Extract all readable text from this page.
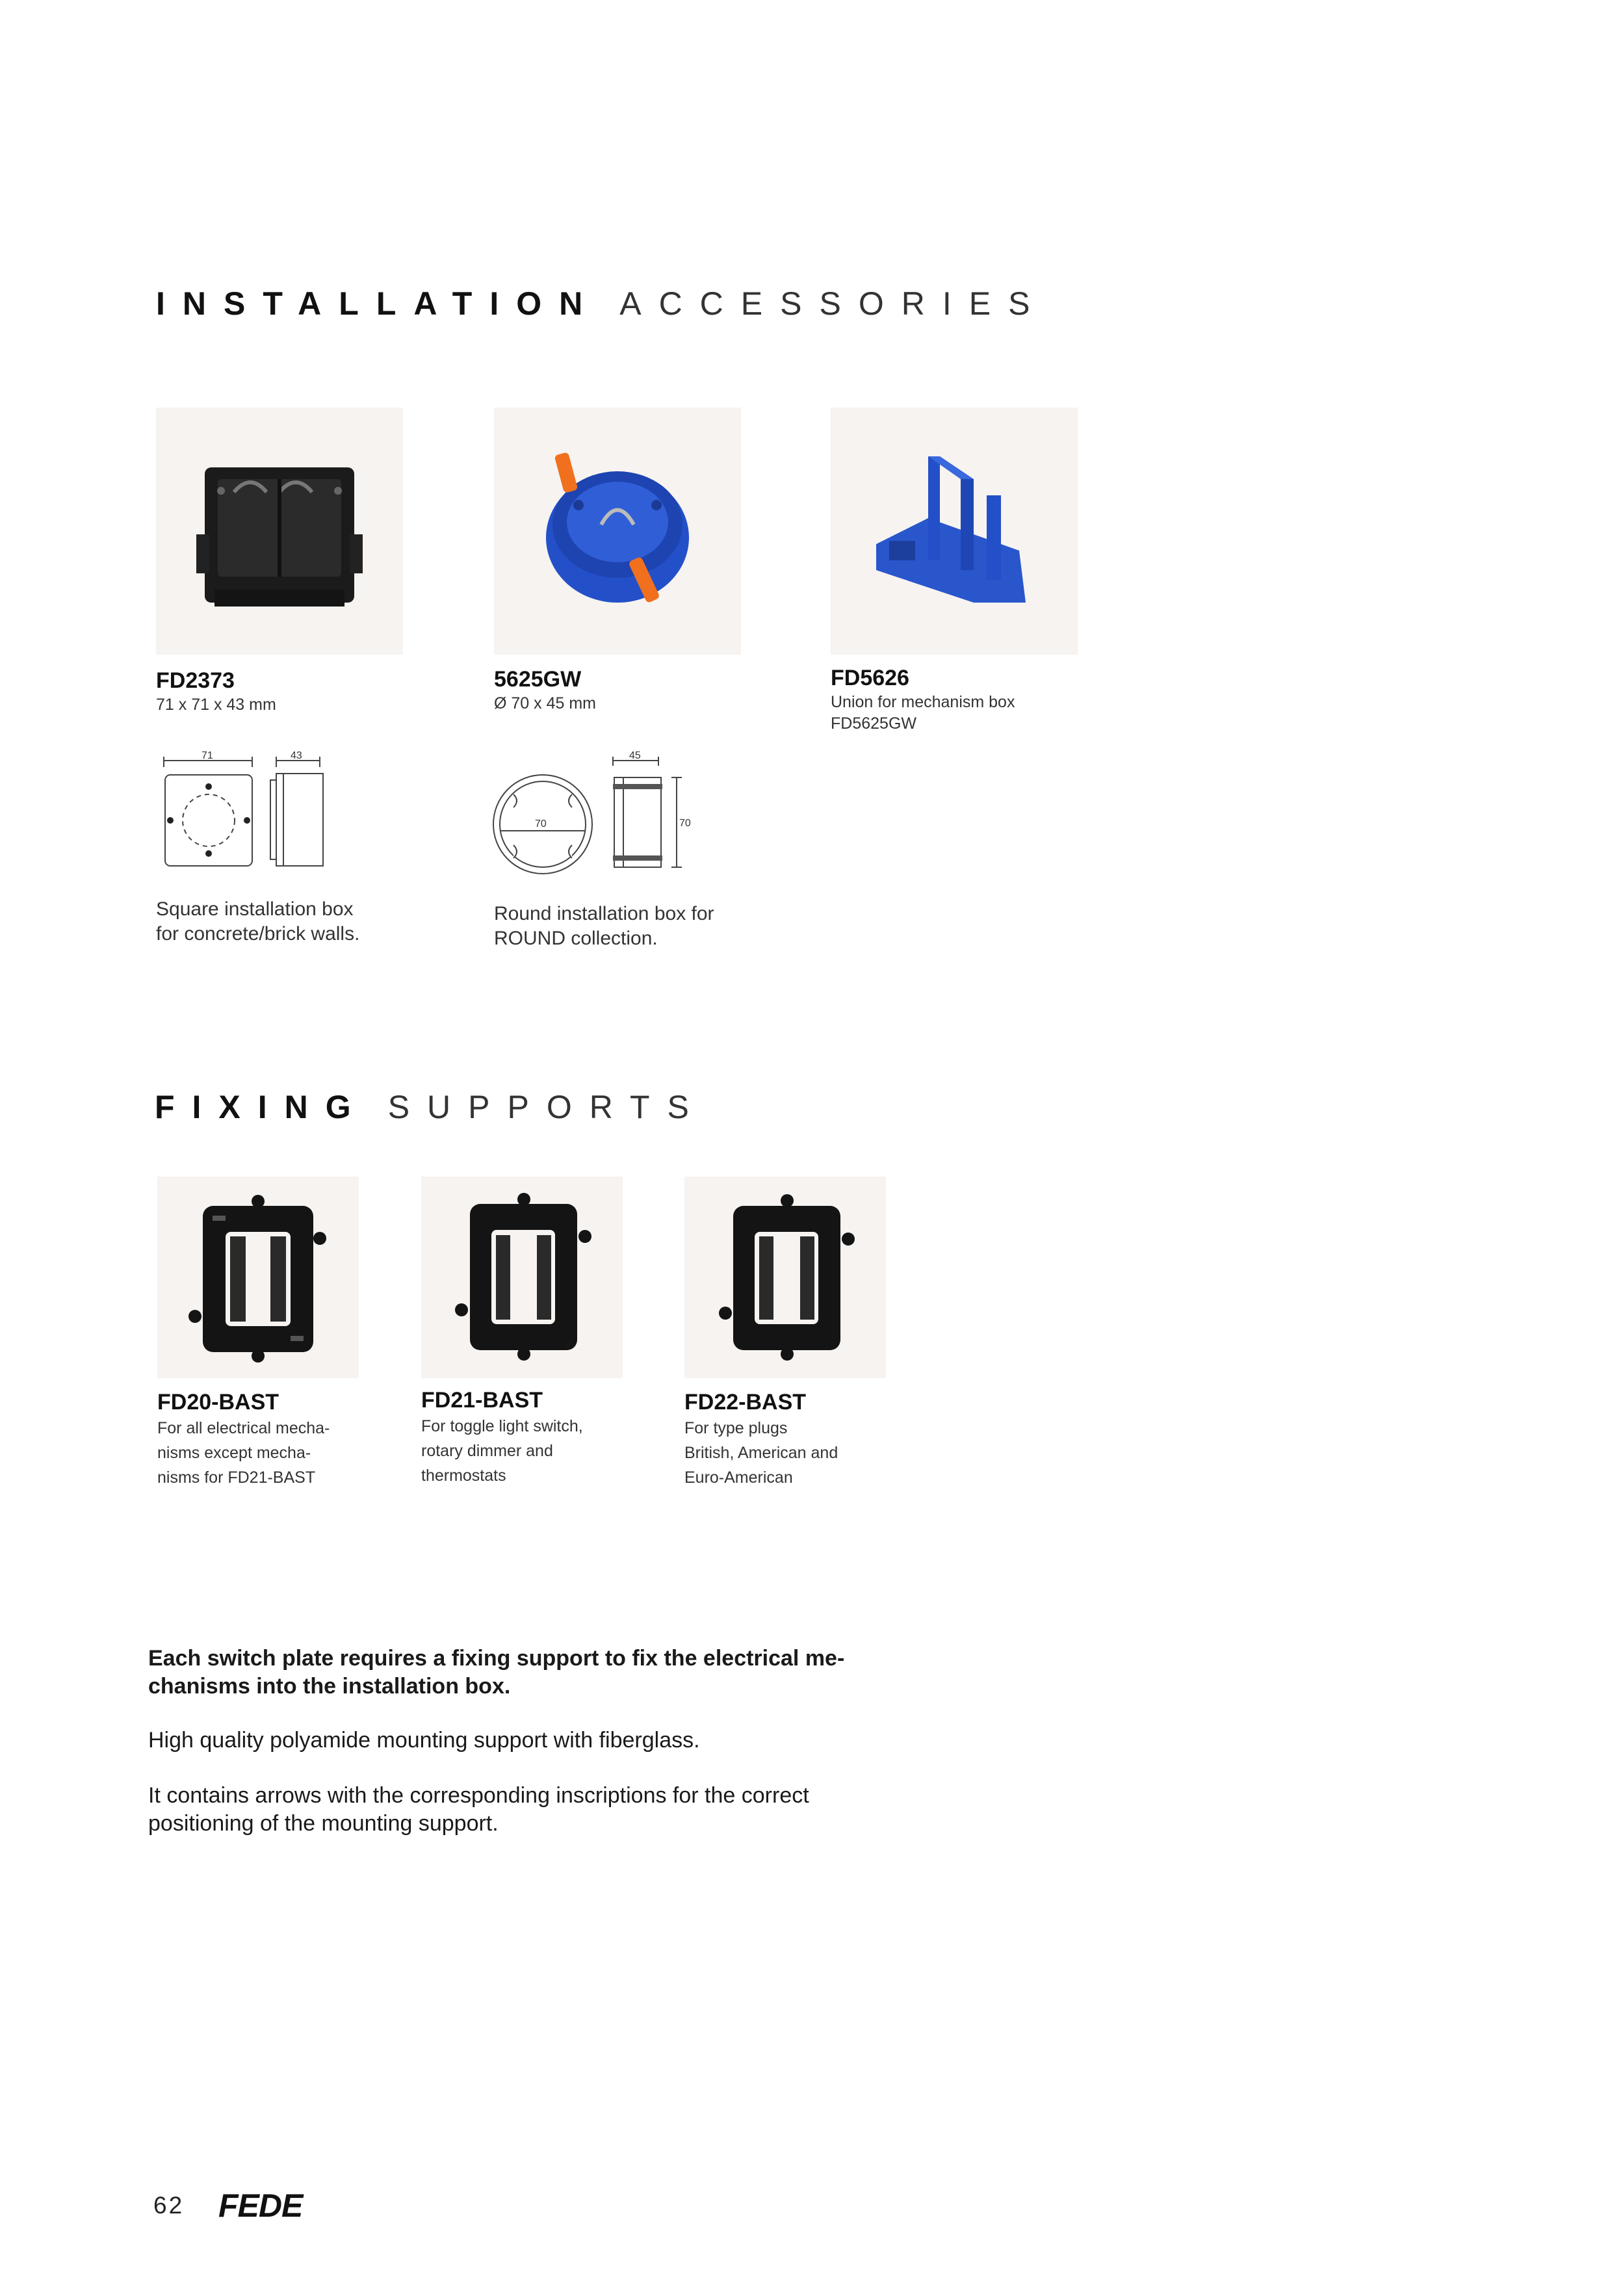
INSTALLATION ACCESSORIES
FD2373
71 x 71 x 43 mm
5625GW
Ø 70 x 45 mm
FD5626
Union for mechanism box
FD5625GW
71	43
70
45
70
Square installation box
for concrete/brick walls.
Round installation box for
ROUND collection.
FIXING SUPPORTS
FD20-BAST
For all electrical mecha-
nisms except mecha-
nisms for FD21-BAST
FD21-BAST
For toggle light switch,
rotary dimmer and
thermostats
FD22-BAST
For type plugs
British, American and
Euro-American
Each switch plate requires a fixing support to fix the electrical me-
chanisms into the installation box.
High quality polyamide mounting support with fiberglass.
It contains arrows with the corresponding inscriptions for the correct
positioning of the mounting support.
62 FEDE
